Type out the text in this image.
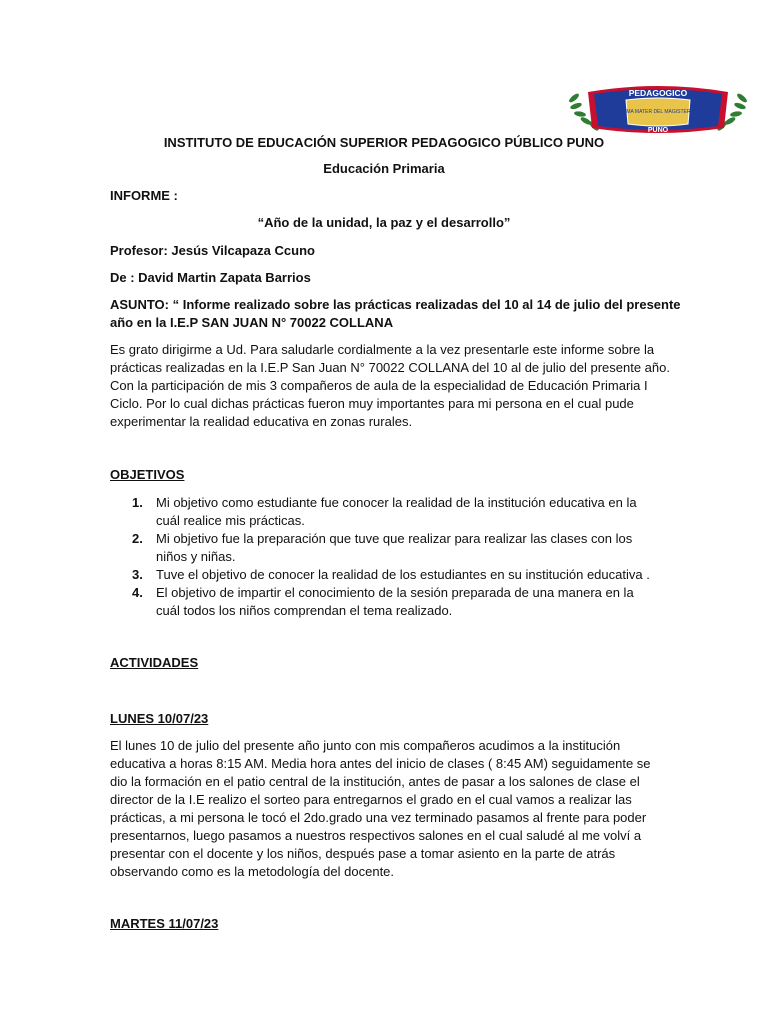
PEDAGOGICO
ALMA MATER DEL MAGISTERIO
PUNO
INSTITUTO DE EDUCACIÓN SUPERIOR PEDAGOGICO PÚBLICO PUNO
Educación Primaria
INFORME :
“Año de la unidad, la paz y el desarrollo”
Profesor: Jesús Vilcapaza Ccuno
De : David Martin Zapata Barrios
ASUNTO: “ Informe realizado sobre las prácticas realizadas del 10 al 14 de julio del presente
año en la I.E.P SAN JUAN N° 70022 COLLANA
Es grato dirigirme a Ud. Para saludarle cordialmente a la vez presentarle este informe sobre la
prácticas realizadas en la I.E.P San Juan N° 70022 COLLANA del 10 al de julio del presente año.
Con la participación de mis 3 compañeros de aula de la especialidad de Educación Primaria I
Ciclo. Por lo cual dichas prácticas fueron muy importantes para mi persona en el cual pude
experimentar la realidad educativa en zonas rurales.
OBJETIVOS
1. Mi objetivo como estudiante fue conocer la realidad de la institución educativa en la
cuál realice mis prácticas.
2. Mi objetivo fue la preparación que tuve que realizar para realizar las clases con los
niños y niñas.
3. Tuve el objetivo de conocer la realidad de los estudiantes en su institución educativa .
4. El objetivo de impartir el conocimiento de la sesión preparada de una manera en la
cuál todos los niños comprendan el tema realizado.
ACTIVIDADES
LUNES 10/07/23
El lunes 10 de julio del presente año junto con mis compañeros acudimos a la institución
educativa a horas 8:15 AM. Media hora antes del inicio de clases ( 8:45 AM) seguidamente se
dio la formación en el patio central de la institución, antes de pasar a los salones de clase el
director de la I.E realizo el sorteo para entregarnos el grado en el cual vamos a realizar las
prácticas, a mi persona le tocó el 2do.grado una vez terminado pasamos al frente para poder
presentarnos, luego pasamos a nuestros respectivos salones en el cual saludé al me volví a
presentar con el docente y los niños, después pase a tomar asiento en la parte de atrás
observando como es la metodología del docente.
MARTES 11/07/23
